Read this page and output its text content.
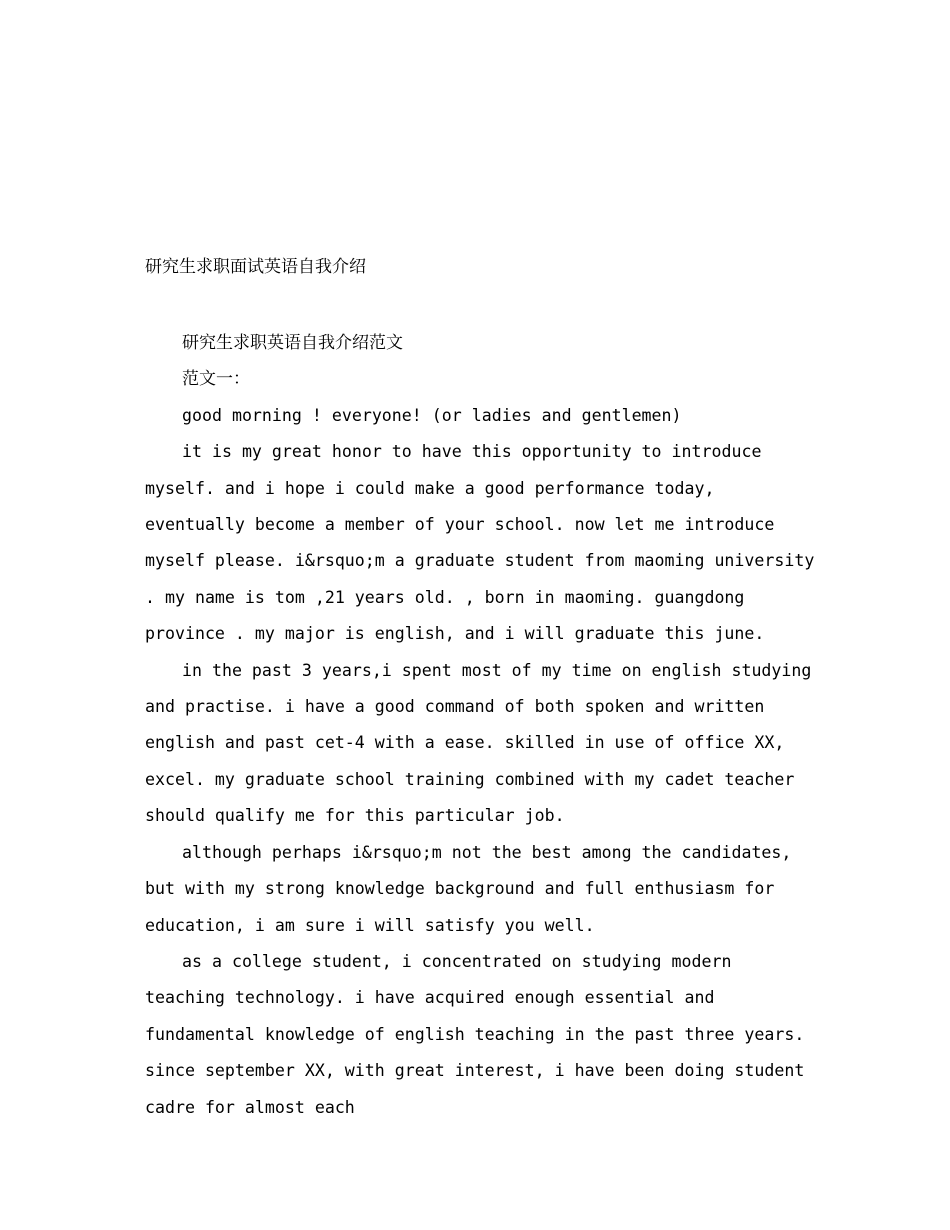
研究生求职面试英语自我介绍

研究生求职英语自我介绍范文

范文一：

good morning ! everyone! (or ladies and gentlemen)

it is my great honor to have this opportunity to introduce myself. and i hope i could make a good performance today, eventually become a member of your school. now let me introduce myself please. i&rsquo;m a graduate student from maoming university . my name is tom ,21 years old. , born in maoming. guangdong province . my major is english, and i will graduate this june.

in the past 3 years,i spent most of my time on english studying and practise. i have a good command of both spoken and written english and past cet-4 with a ease. skilled in use of office XX, excel. my graduate school training combined with my cadet teacher should qualify me for this particular job.

although perhaps i&rsquo;m not the best among the candidates, but with my strong knowledge background and full enthusiasm for education, i am sure i will satisfy you well.

as a college student, i concentrated on studying modern teaching technology. i have acquired enough essential and fundamental knowledge of english teaching in the past three years. since september XX, with great interest, i have been doing student cadre for almost each
